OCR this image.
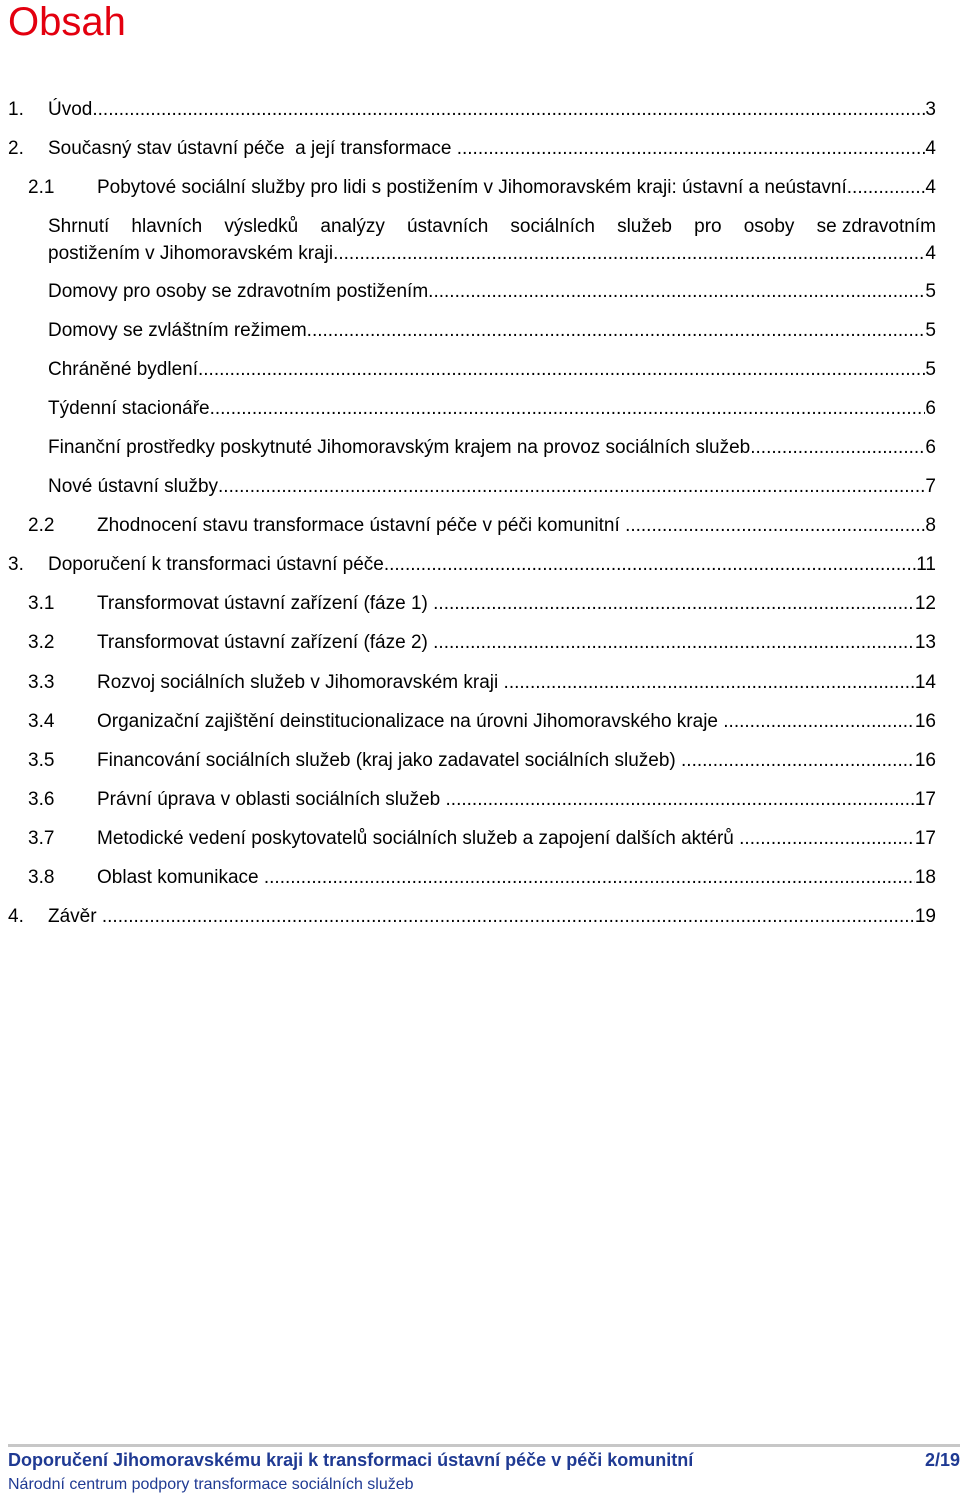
Obsah
1.	Úvod .....	3
2.	Současný stav ústavní péče  a její transformace .....	4
2.1	Pobytové sociální služby pro lidi s postižením v Jihomoravském kraji: ústavní a neústavní .....	4
Shrnutí hlavních výsledků analýzy ústavních sociálních služeb pro osoby se zdravotním
postižením v Jihomoravském kraji .....	4
Domovy pro osoby se zdravotním postižením .....	5
Domovy se zvláštním režimem .....	5
Chráněné bydlení .....	5
Týdenní stacionáře .....	6
Finanční prostředky poskytnuté Jihomoravským krajem na provoz sociálních služeb .....	6
Nové ústavní služby .....	7
2.2	Zhodnocení stavu transformace ústavní péče v péči komunitní .....	8
3.	Doporučení k transformaci ústavní péče .....	11
3.1	Transformovat ústavní zařízení (fáze 1) .....	12
3.2	Transformovat ústavní zařízení (fáze 2) .....	13
3.3	Rozvoj sociálních služeb v Jihomoravském kraji .....	14
3.4	Organizační zajištění deinstitucionalizace na úrovni Jihomoravského kraje .....	16
3.5	Financování sociálních služeb (kraj jako zadavatel sociálních služeb) .....	16
3.6	Právní úprava v oblasti sociálních služeb .....	17
3.7	Metodické vedení poskytovatelů sociálních služeb a zapojení dalších aktérů .....	17
3.8	Oblast komunikace .....	18
4.	Závěr .....	19
Doporučení Jihomoravskému kraji k transformaci ústavní péče v péči komunitní	2/19
Národní centrum podpory transformace sociálních služeb
